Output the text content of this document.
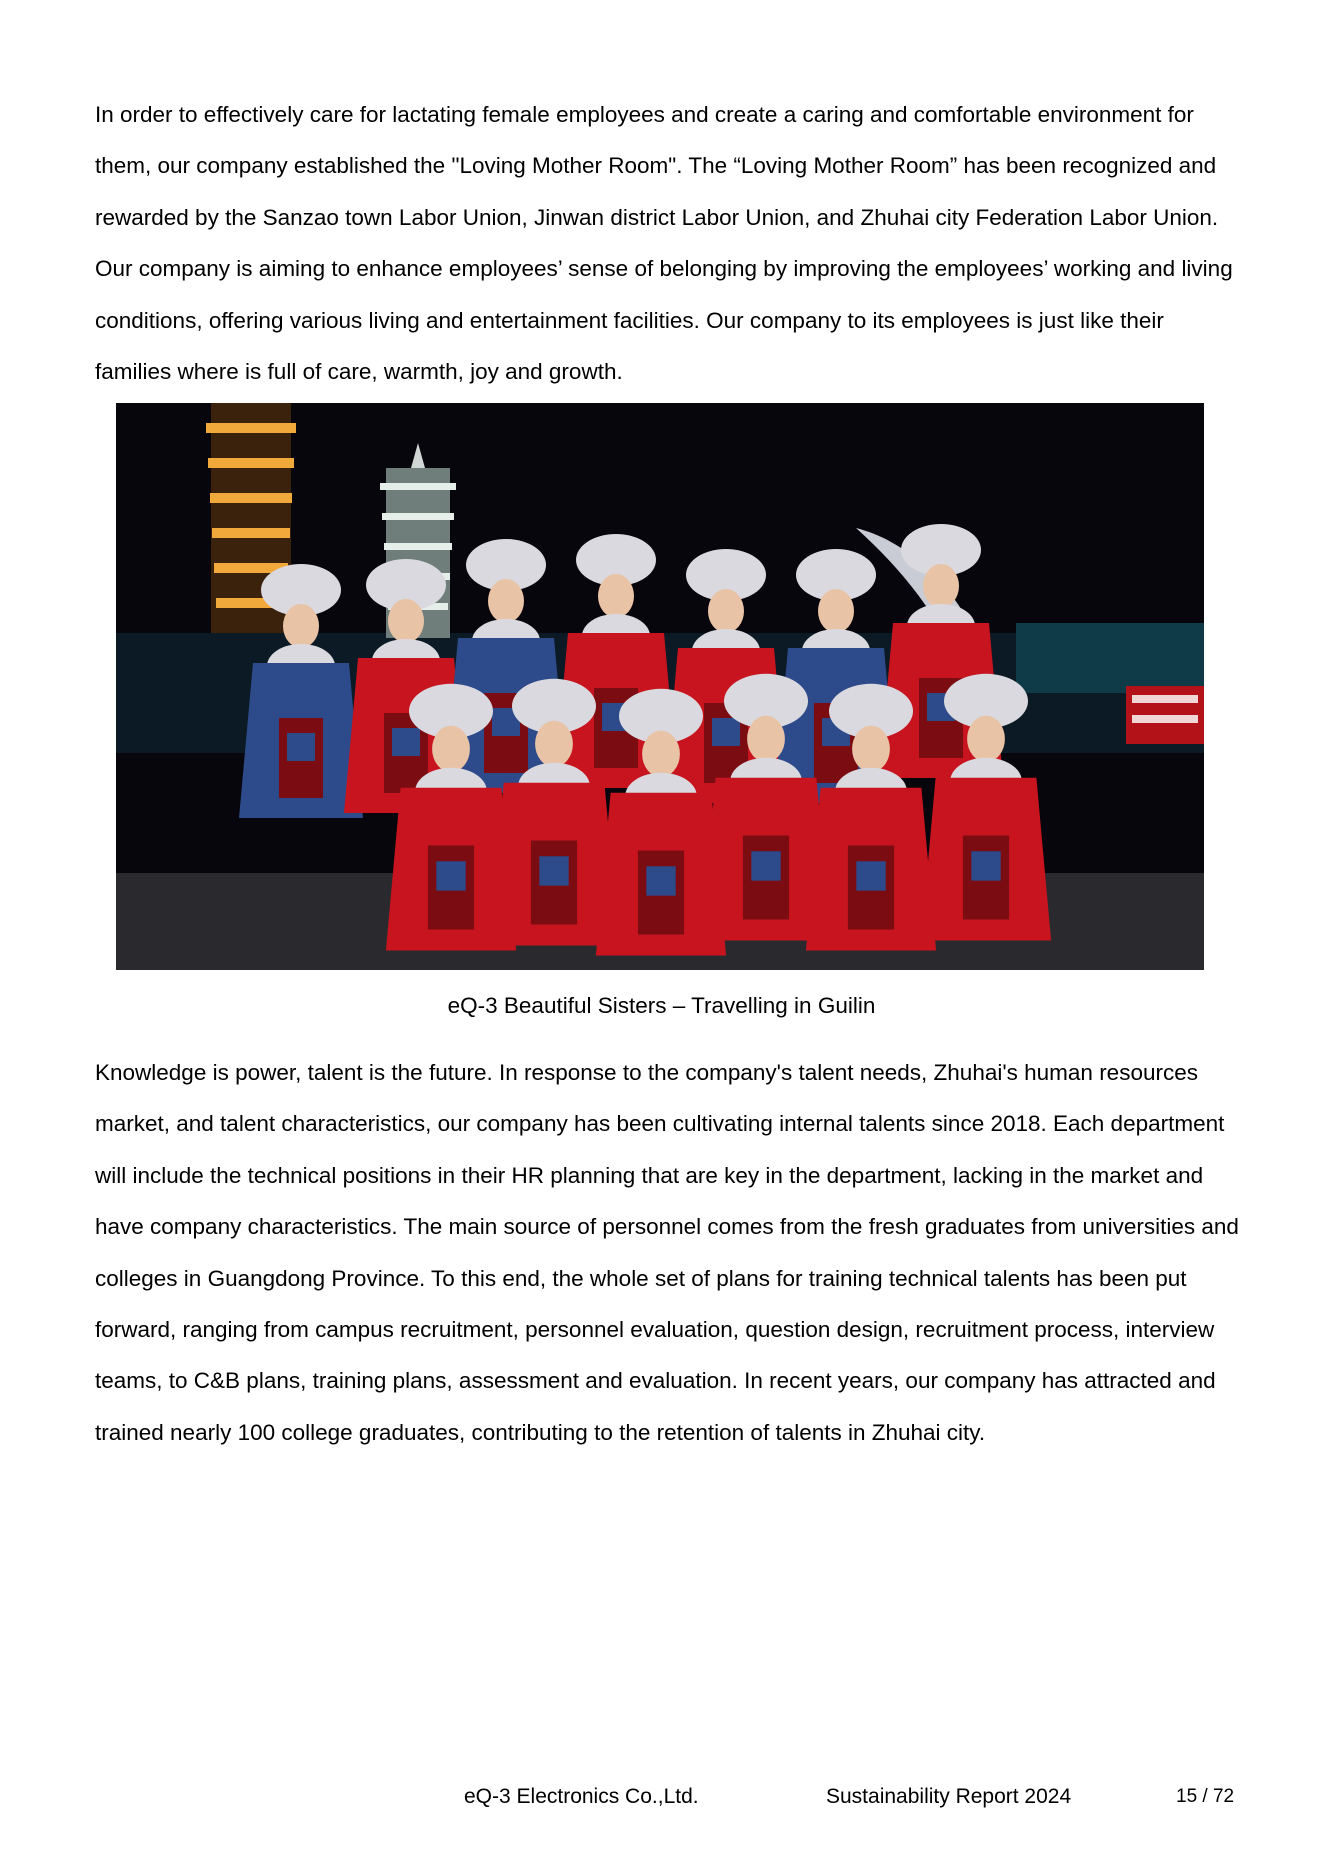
In order to effectively care for lactating female employees and create a caring and comfortable environment for them, our company established the "Loving Mother Room". The “Loving Mother Room” has been recognized and rewarded by the Sanzao town Labor Union, Jinwan district Labor Union, and Zhuhai city Federation Labor Union. Our company is aiming to enhance employees’ sense of belonging by improving the employees’ working and living conditions, offering various living and entertainment facilities. Our company to its employees is just like their families where is full of care, warmth, joy and growth.

eQ-3 Beautiful Sisters – Travelling in Guilin

Knowledge is power, talent is the future. In response to the company's talent needs, Zhuhai's human resources market, and talent characteristics, our company has been cultivating internal talents since 2018. Each department will include the technical positions in their HR planning that are key in the department, lacking in the market and have company characteristics. The main source of personnel comes from the fresh graduates from universities and colleges in Guangdong Province. To this end, the whole set of plans for training technical talents has been put forward, ranging from campus recruitment, personnel evaluation, question design, recruitment process, interview teams, to C&B plans, training plans, assessment and evaluation. In recent years, our company has attracted and trained nearly 100 college graduates, contributing to the retention of talents in Zhuhai city.

eQ-3 Electronics Co.,Ltd.	Sustainability Report 2024	15 / 72
